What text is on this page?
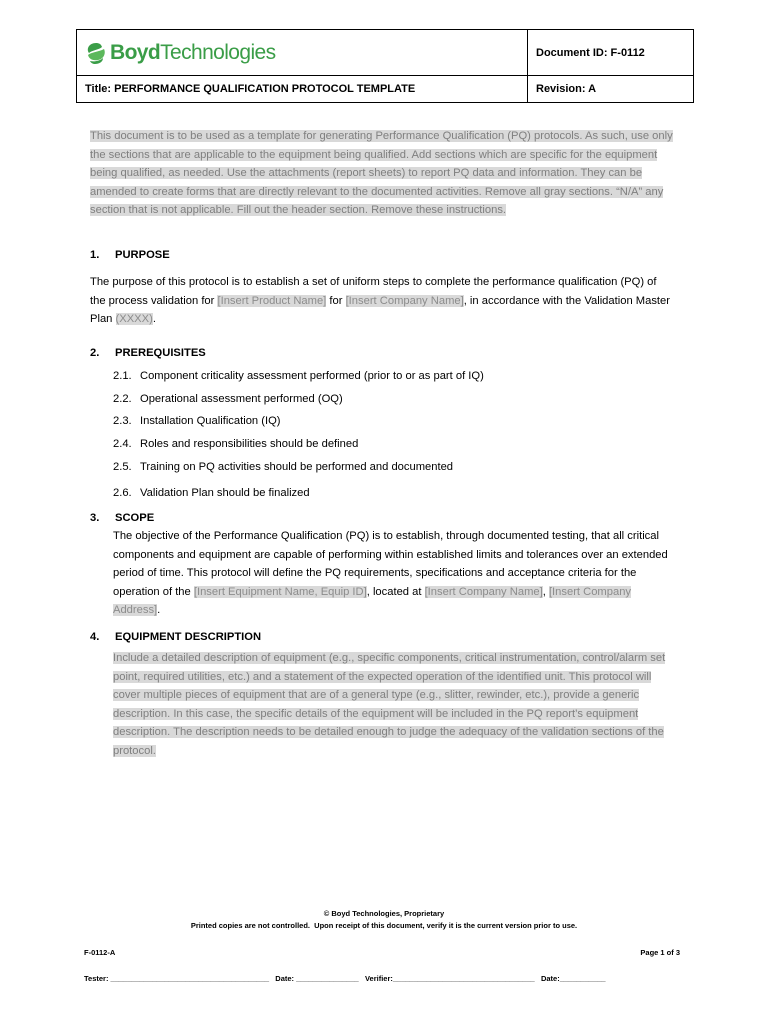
BoydTechnologies	Document ID: F-0112
Title: PERFORMANCE QUALIFICATION PROTOCOL TEMPLATE	Revision: A
This document is to be used as a template for generating Performance Qualification (PQ) protocols. As such, use only the sections that are applicable to the equipment being qualified. Add sections which are specific for the equipment being qualified, as needed. Use the attachments (report sheets) to report PQ data and information. They can be amended to create forms that are directly relevant to the documented activities. Remove all gray sections. “N/A” any section that is not applicable. Fill out the header section. Remove these instructions.
1. PURPOSE
The purpose of this protocol is to establish a set of uniform steps to complete the performance qualification (PQ) of the process validation for [Insert Product Name] for [Insert Company Name], in accordance with the Validation Master Plan (XXXX).
2. PREREQUISITES
2.1. Component criticality assessment performed (prior to or as part of IQ)
2.2. Operational assessment performed (OQ)
2.3. Installation Qualification (IQ)
2.4. Roles and responsibilities should be defined
2.5. Training on PQ activities should be performed and documented
2.6. Validation Plan should be finalized
3. SCOPE
The objective of the Performance Qualification (PQ) is to establish, through documented testing, that all critical components and equipment are capable of performing within established limits and tolerances over an extended period of time. This protocol will define the PQ requirements, specifications and acceptance criteria for the operation of the [Insert Equipment Name, Equip ID], located at [Insert Company Name], [Insert Company Address].
4. EQUIPMENT DESCRIPTION
Include a detailed description of equipment (e.g., specific components, critical instrumentation, control/alarm set point, required utilities, etc.) and a statement of the expected operation of the identified unit. This protocol will cover multiple pieces of equipment that are of a general type (e.g., slitter, rewinder, etc.), provide a generic description. In this case, the specific details of the equipment will be included in the PQ report’s equipment description. The description needs to be detailed enough to judge the adequacy of the validation sections of the protocol.
© Boyd Technologies, Proprietary
Printed copies are not controlled.  Upon receipt of this document, verify it is the current version prior to use.
F-0112-A	Page 1 of 3
Tester: ______________________________________   Date: _______________   Verifier:__________________________________   Date:___________
